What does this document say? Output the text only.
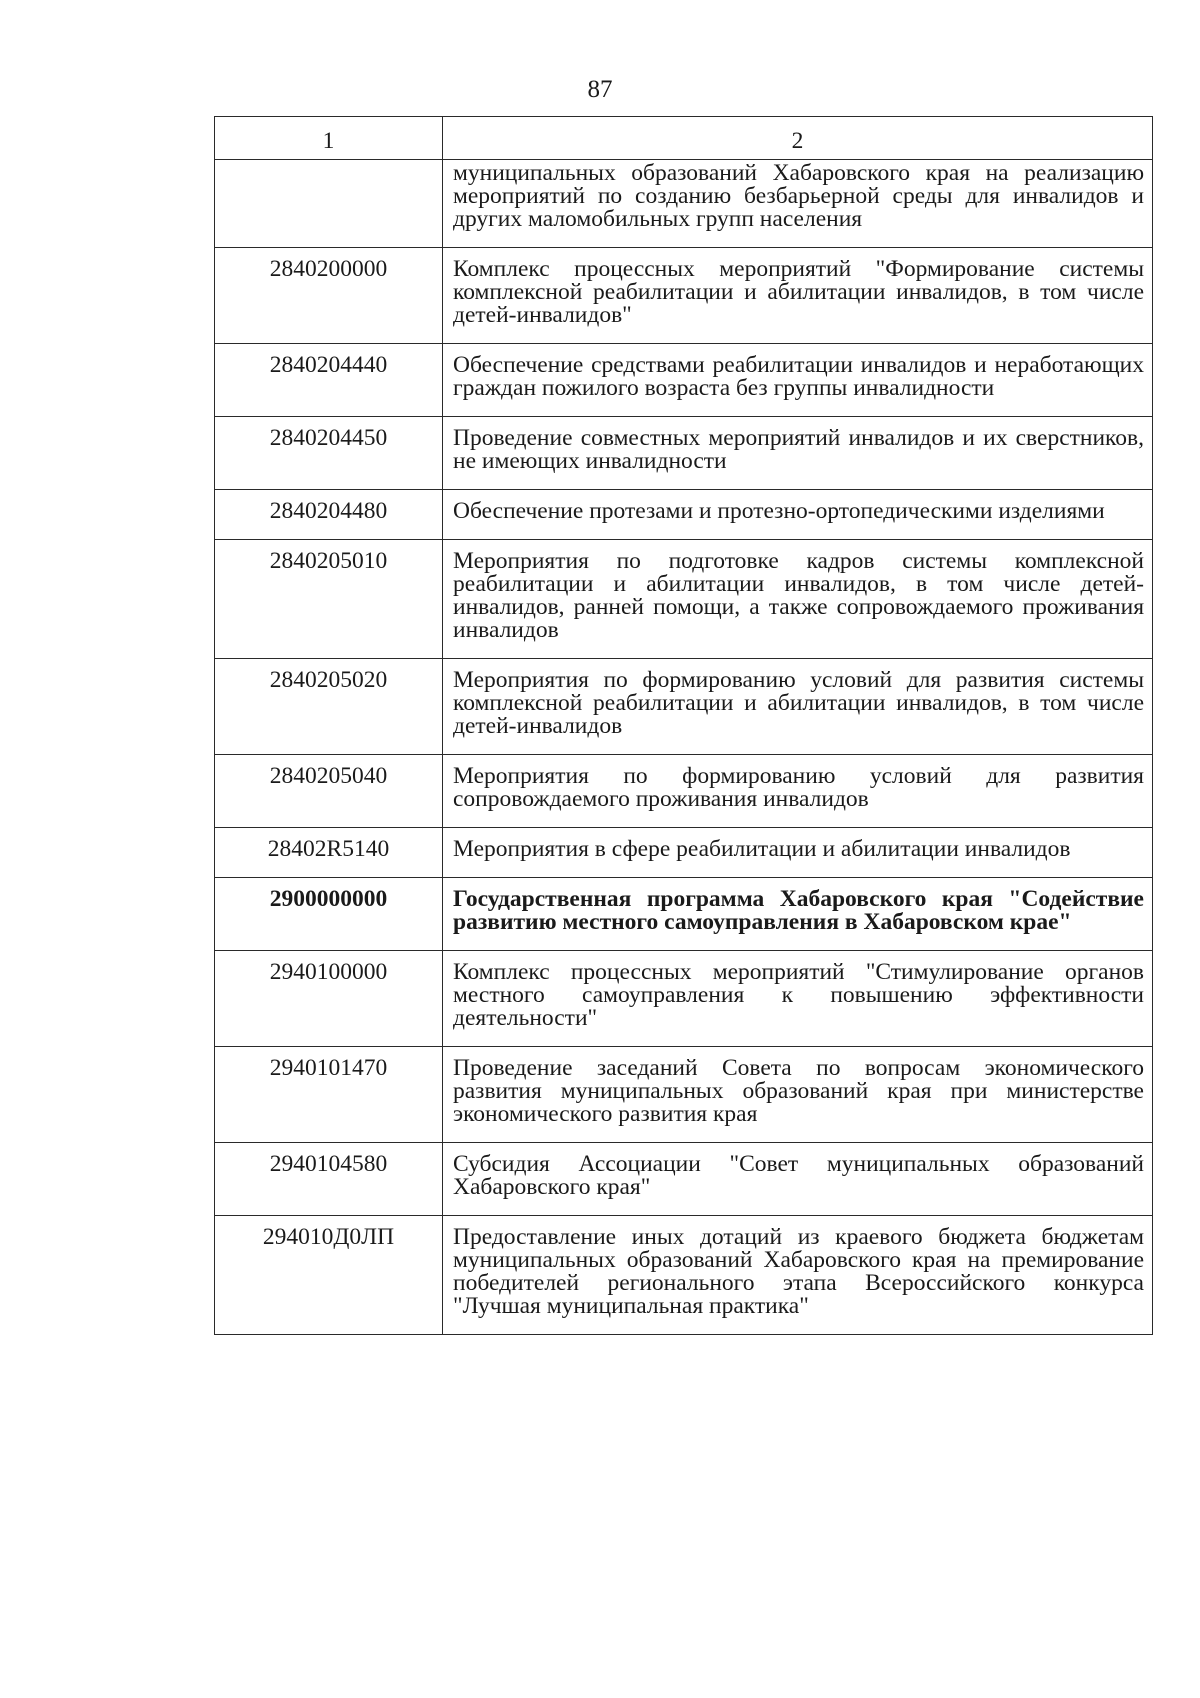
87
1	2
	муниципальных образований Хабаровского края на реализацию мероприятий по созданию безбарьерной среды для инвалидов и других маломобильных групп населения
2840200000	Комплекс процессных мероприятий "Формирование системы комплексной реабилитации и абилитации инвалидов, в том числе детей-инвалидов"
2840204440	Обеспечение средствами реабилитации инвалидов и неработающих граждан пожилого возраста без группы инвалидности
2840204450	Проведение совместных мероприятий инвалидов и их сверстников, не имеющих инвалидности
2840204480	Обеспечение протезами и протезно-ортопедическими изделиями
2840205010	Мероприятия по подготовке кадров системы комплексной реабилитации и абилитации инвалидов, в том числе детей-инвалидов, ранней помощи, а также сопровождаемого проживания инвалидов
2840205020	Мероприятия по формированию условий для развития системы комплексной реабилитации и абилитации инвалидов, в том числе детей-инвалидов
2840205040	Мероприятия по формированию условий для развития сопровождаемого проживания инвалидов
28402R5140	Мероприятия в сфере реабилитации и абилитации инвалидов
2900000000	Государственная программа Хабаровского края "Содействие развитию местного самоуправления в Хабаровском крае"
2940100000	Комплекс процессных мероприятий "Стимулирование органов местного самоуправления к повышению эффективности деятельности"
2940101470	Проведение заседаний Совета по вопросам экономического развития муниципальных образований края при министерстве экономического развития края
2940104580	Субсидия Ассоциации "Совет муниципальных образований Хабаровского края"
294010Д0ЛП	Предоставление иных дотаций из краевого бюджета бюджетам муниципальных образований Хабаровского края на премирование победителей регионального этапа Всероссийского конкурса "Лучшая муниципальная практика"
